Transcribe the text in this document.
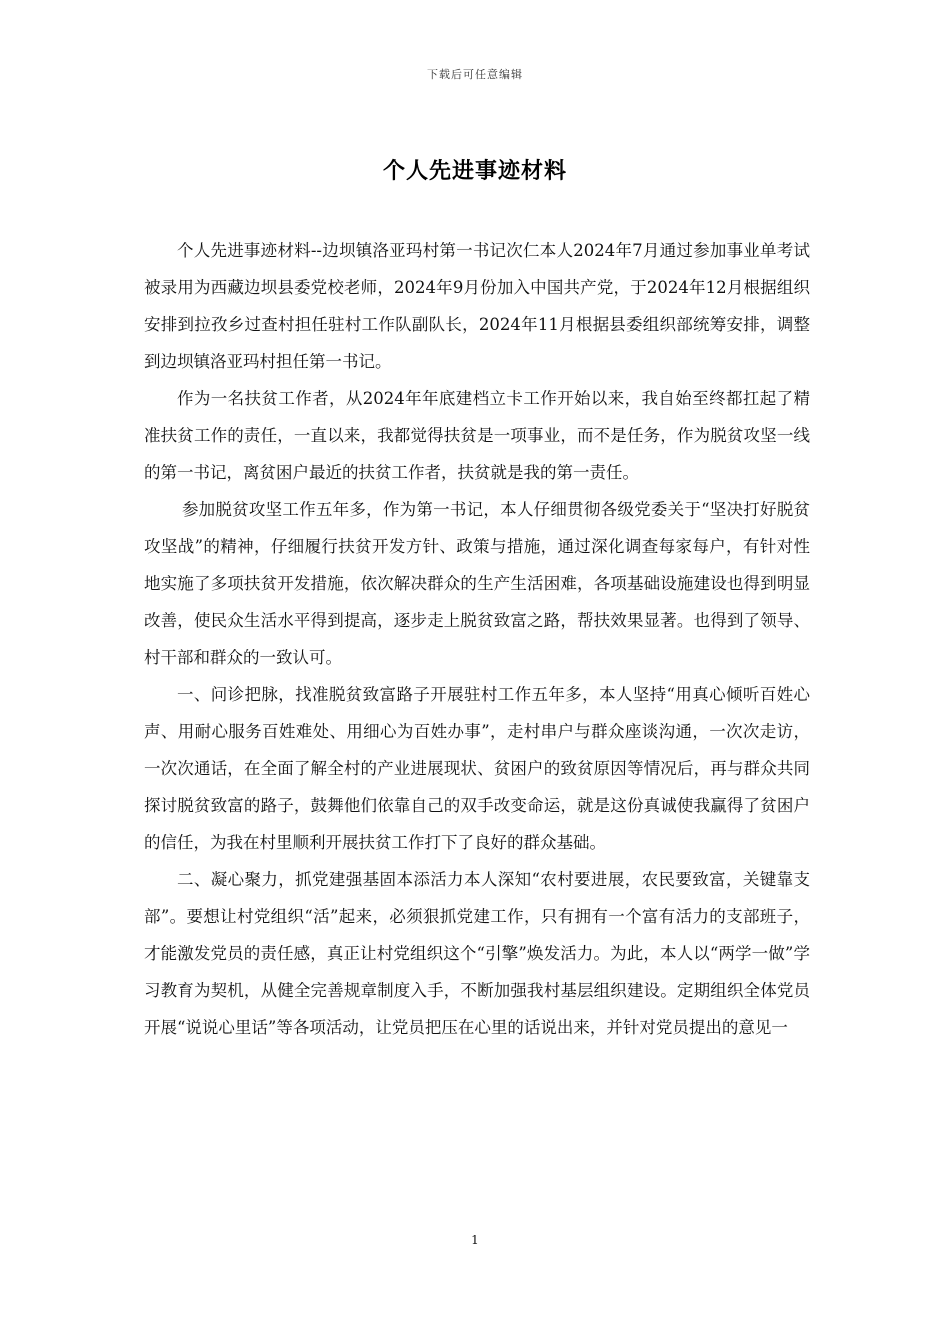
下载后可任意编辑
个人先进事迹材料

个人先进事迹材料--边坝镇洛亚玛村第一书记次仁本人2024年7月通过参加事业单考试被录用为西藏边坝县委党校老师，2024年9月份加入中国共产党，于2024年12月根据组织安排到拉孜乡过查村担任驻村工作队副队长，2024年11月根据县委组织部统筹安排，调整到边坝镇洛亚玛村担任第一书记。

作为一名扶贫工作者，从2024年年底建档立卡工作开始以来，我自始至终都扛起了精准扶贫工作的责任，一直以来，我都觉得扶贫是一项事业，而不是任务，作为脱贫攻坚一线的第一书记，离贫困户最近的扶贫工作者，扶贫就是我的第一责任。

参加脱贫攻坚工作五年多，作为第一书记，本人仔细贯彻各级党委关于“坚决打好脱贫攻坚战”的精神，仔细履行扶贫开发方针、政策与措施，通过深化调查每家每户，有针对性地实施了多项扶贫开发措施，依次解决群众的生产生活困难，各项基础设施建设也得到明显改善，使民众生活水平得到提高，逐步走上脱贫致富之路，帮扶效果显著。也得到了领导、村干部和群众的一致认可。

一、问诊把脉，找准脱贫致富路子开展驻村工作五年多，本人坚持“用真心倾听百姓心声、用耐心服务百姓难处、用细心为百姓办事”，走村串户与群众座谈沟通，一次次走访，一次次通话，在全面了解全村的产业进展现状、贫困户的致贫原因等情况后，再与群众共同探讨脱贫致富的路子，鼓舞他们依靠自己的双手改变命运，就是这份真诚使我赢得了贫困户的信任，为我在村里顺利开展扶贫工作打下了良好的群众基础。

二、凝心聚力，抓党建强基固本添活力本人深知“农村要进展，农民要致富，关键靠支部”。要想让村党组织“活”起来，必须狠抓党建工作，只有拥有一个富有活力的支部班子，才能激发党员的责任感，真正让村党组织这个“引擎”焕发活力。为此，本人以“两学一做”学习教育为契机，从健全完善规章制度入手，不断加强我村基层组织建设。定期组织全体党员开展“说说心里话”等各项活动，让党员把压在心里的话说出来，并针对党员提出的意见一

1
